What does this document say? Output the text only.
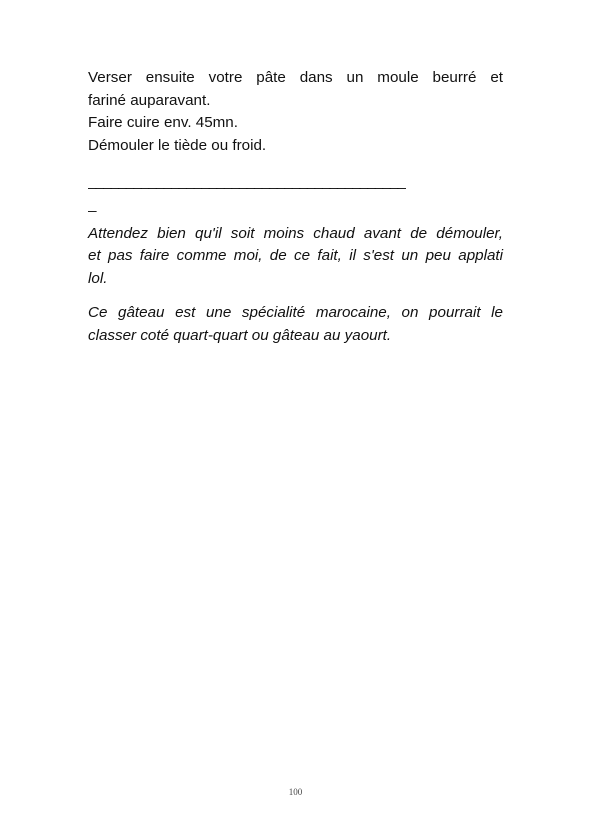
Verser ensuite votre pâte dans un moule beurré et
fariné auparavant.
Faire cuire env. 45mn.
Démouler le tiède ou froid.
__________________________________________
_
Attendez bien qu'il soit moins chaud avant de démouler,
et pas faire comme moi, de ce fait, il s'est un peu applati
lol.
Ce gâteau est une spécialité marocaine, on pourrait le
classer coté quart-quart ou gâteau au yaourt.
100
